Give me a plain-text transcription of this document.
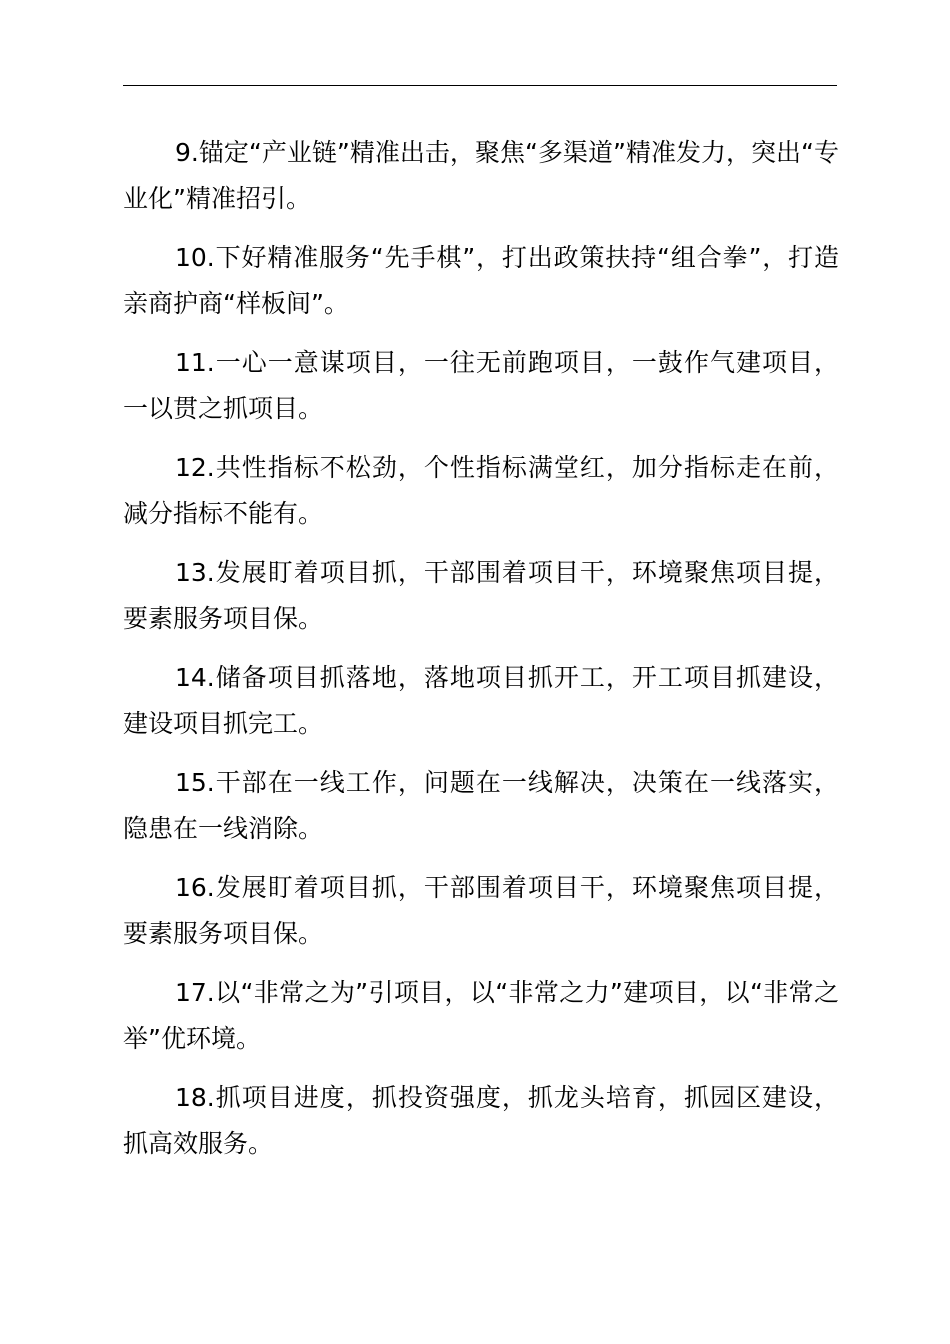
9.锚定“产业链”精准出击，聚焦“多渠道”精准发力，突出“专业化”精准招引。

10.下好精准服务“先手棋”，打出政策扶持“组合拳”，打造亲商护商“样板间”。

11.一心一意谋项目，一往无前跑项目，一鼓作气建项目，一以贯之抓项目。

12.共性指标不松劲，个性指标满堂红，加分指标走在前，减分指标不能有。

13.发展盯着项目抓，干部围着项目干，环境聚焦项目提，要素服务项目保。

14.储备项目抓落地，落地项目抓开工，开工项目抓建设，建设项目抓完工。

15.干部在一线工作，问题在一线解决，决策在一线落实，隐患在一线消除。

16.发展盯着项目抓，干部围着项目干，环境聚焦项目提，要素服务项目保。

17.以“非常之为”引项目，以“非常之力”建项目，以“非常之举”优环境。

18.抓项目进度，抓投资强度，抓龙头培育，抓园区建设，抓高效服务。
